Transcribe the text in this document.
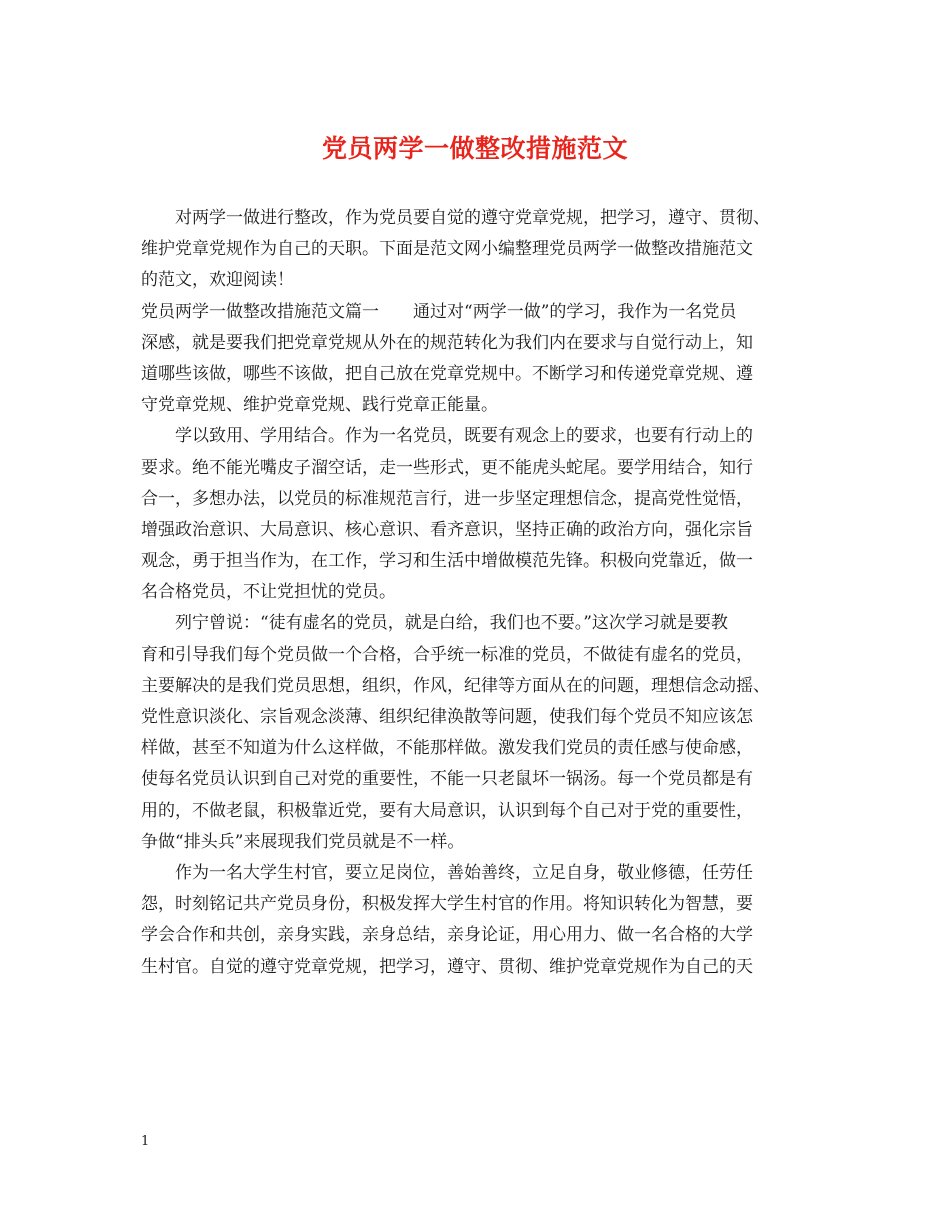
党员两学一做整改措施范文
对两学一做进行整改，作为党员要自觉的遵守党章党规，把学习，遵守、贯彻、
维护党章党规作为自己的天职。下面是范文网小编整理党员两学一做整改措施范文
的范文，欢迎阅读！
党员两学一做整改措施范文篇一 通过对“两学一做”的学习，我作为一名党员
深感，就是要我们把党章党规从外在的规范转化为我们内在要求与自觉行动上，知
道哪些该做，哪些不该做，把自己放在党章党规中。不断学习和传递党章党规、遵
守党章党规、维护党章党规、践行党章正能量。
学以致用、学用结合。作为一名党员，既要有观念上的要求，也要有行动上的
要求。绝不能光嘴皮子溜空话，走一些形式，更不能虎头蛇尾。要学用结合，知行
合一，多想办法，以党员的标准规范言行，进一步坚定理想信念，提高党性觉悟，
增强政治意识、大局意识、核心意识、看齐意识，坚持正确的政治方向，强化宗旨
观念，勇于担当作为，在工作，学习和生活中增做模范先锋。积极向党靠近，做一
名合格党员，不让党担忧的党员。
列宁曾说：“徒有虚名的党员，就是白给，我们也不要。”这次学习就是要教
育和引导我们每个党员做一个合格，合乎统一标准的党员，不做徒有虚名的党员，
主要解决的是我们党员思想，组织，作风，纪律等方面从在的问题，理想信念动摇、
党性意识淡化、宗旨观念淡薄、组织纪律涣散等问题，使我们每个党员不知应该怎
样做，甚至不知道为什么这样做，不能那样做。激发我们党员的责任感与使命感，
使每名党员认识到自己对党的重要性，不能一只老鼠坏一锅汤。每一个党员都是有
用的，不做老鼠，积极靠近党，要有大局意识，认识到每个自己对于党的重要性，
争做“排头兵”来展现我们党员就是不一样。
作为一名大学生村官，要立足岗位，善始善终，立足自身，敬业修德，任劳任
怨，时刻铭记共产党员身份，积极发挥大学生村官的作用。将知识转化为智慧，要
学会合作和共创，亲身实践，亲身总结，亲身论证，用心用力、做一名合格的大学
生村官。自觉的遵守党章党规，把学习，遵守、贯彻、维护党章党规作为自己的天
1
